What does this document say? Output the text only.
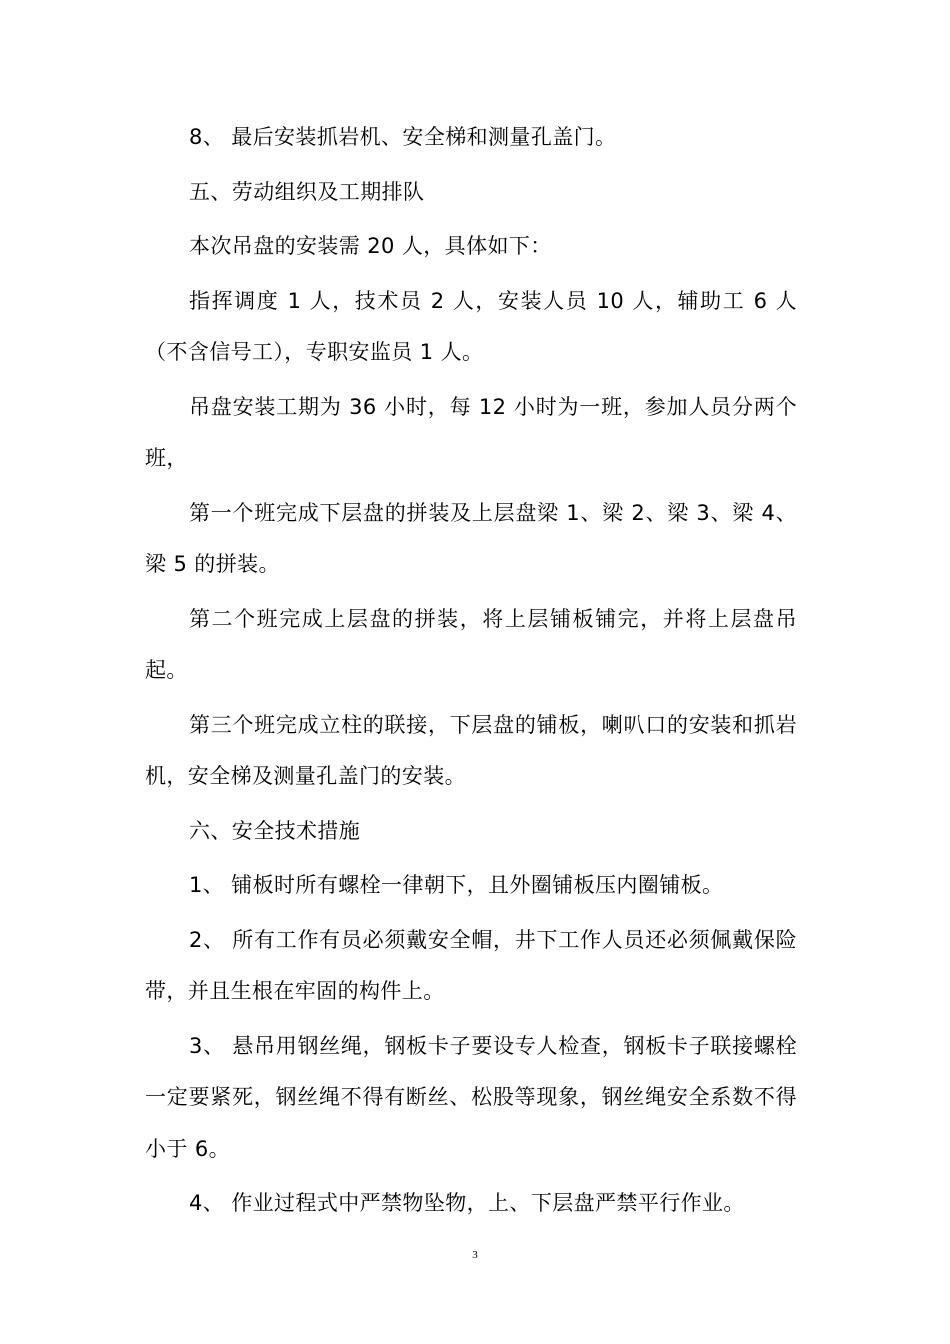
8、 最后安装抓岩机、安全梯和测量孔盖门。

五、劳动组织及工期排队

本次吊盘的安装需 20 人，具体如下：

指挥调度 1 人，技术员 2 人，安装人员 10 人，辅助工 6 人（不含信号工），专职安监员 1 人。

吊盘安装工期为 36 小时，每 12 小时为一班，参加人员分两个班，

第一个班完成下层盘的拼装及上层盘梁 1、梁 2、梁 3、梁 4、梁 5 的拼装。

第二个班完成上层盘的拼装，将上层铺板铺完，并将上层盘吊起。

第三个班完成立柱的联接，下层盘的铺板，喇叭口的安装和抓岩机，安全梯及测量孔盖门的安装。

六、安全技术措施

1、 铺板时所有螺栓一律朝下，且外圈铺板压内圈铺板。

2、 所有工作有员必须戴安全帽，井下工作人员还必须佩戴保险带，并且生根在牢固的构件上。

3、 悬吊用钢丝绳，钢板卡子要设专人检查，钢板卡子联接螺栓一定要紧死，钢丝绳不得有断丝、松股等现象，钢丝绳安全系数不得小于 6。

4、 作业过程式中严禁物坠物，上、下层盘严禁平行作业。

3
